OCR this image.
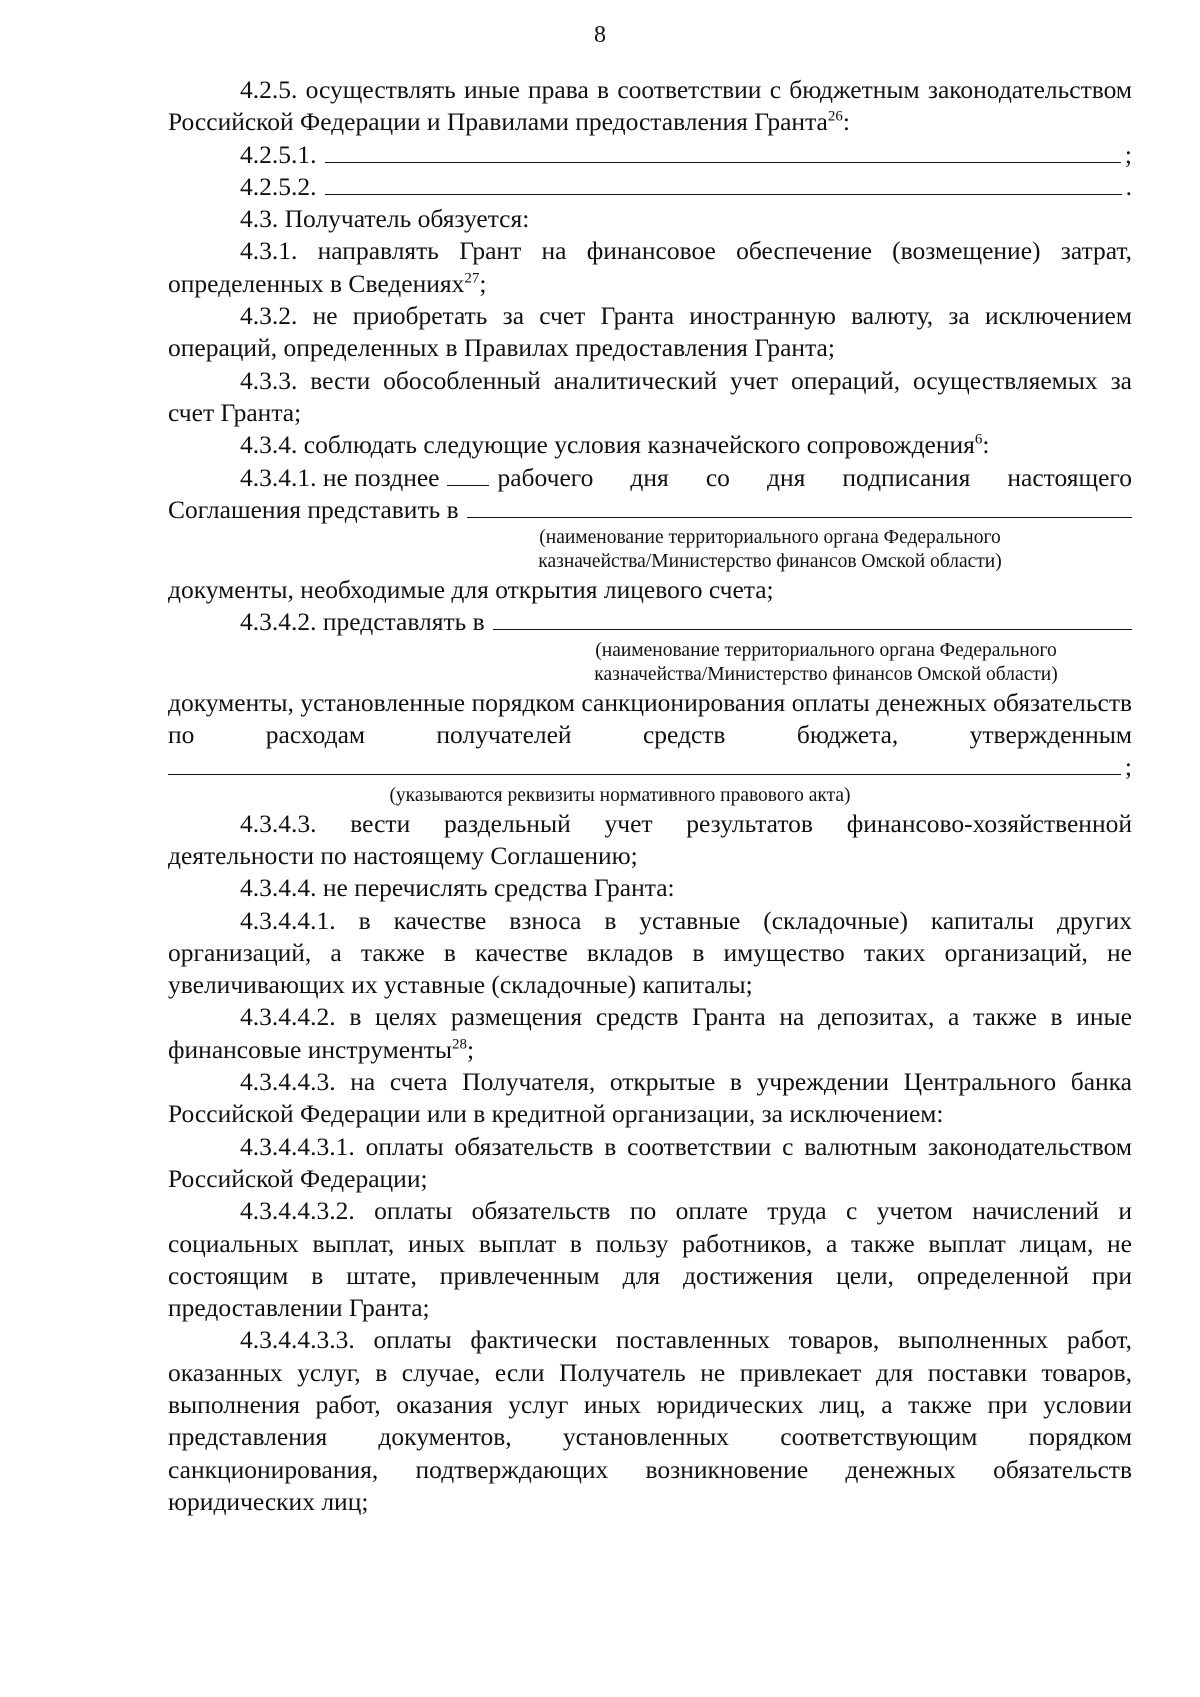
8

4.2.5. осуществлять иные права в соответствии с бюджетным законодательством Российской Федерации и Правилами предоставления Гранта$^{26}$:

4.2.5.1.	;
4.2.5.2.	.

4.3. Получатель обязуется:

4.3.1. направлять Грант на финансовое обеспечение (возмещение) затрат, определенных в Сведениях$^{27}$;

4.3.2. не приобретать за счет Гранта иностранную валюту, за исключением операций, определенных в Правилах предоставления Гранта;

4.3.3. вести обособленный аналитический учет операций, осуществляемых за счет Гранта;

4.3.4. соблюдать следующие условия казначейского сопровождения$^6$:

4.3.4.1. не позднее рабочего дня со дня подписания настоящего
Соглашения представить в
(наименование территориального органа Федерального
казначейства/Министерство финансов Омской области)

документы, необходимые для открытия лицевого счета;

4.3.4.2. представлять в
(наименование территориального органа Федерального
казначейства/Министерство финансов Омской области)

документы, установленные порядком санкционирования оплаты денежных обязательств по расходам получателей средств бюджета, утвержденным

;
(указываются реквизиты нормативного правового акта)

4.3.4.3. вести раздельный учет результатов финансово-хозяйственной деятельности по настоящему Соглашению;

4.3.4.4. не перечислять средства Гранта:

4.3.4.4.1. в качестве взноса в уставные (складочные) капиталы других организаций, а также в качестве вкладов в имущество таких организаций, не увеличивающих их уставные (складочные) капиталы;

4.3.4.4.2. в целях размещения средств Гранта на депозитах, а также в иные финансовые инструменты$^{28}$;

4.3.4.4.3. на счета Получателя, открытые в учреждении Центрального банка Российской Федерации или в кредитной организации, за исключением:

4.3.4.4.3.1. оплаты обязательств в соответствии с валютным законодательством Российской Федерации;

4.3.4.4.3.2. оплаты обязательств по оплате труда с учетом начислений и социальных выплат, иных выплат в пользу работников, а также выплат лицам, не состоящим в штате, привлеченным для достижения цели, определенной при предоставлении Гранта;

4.3.4.4.3.3. оплаты фактически поставленных товаров, выполненных работ, оказанных услуг, в случае, если Получатель не привлекает для поставки товаров, выполнения работ, оказания услуг иных юридических лиц, а также при условии представления документов, установленных соответствующим порядком санкционирования, подтверждающих возникновение денежных обязательств юридических лиц;
